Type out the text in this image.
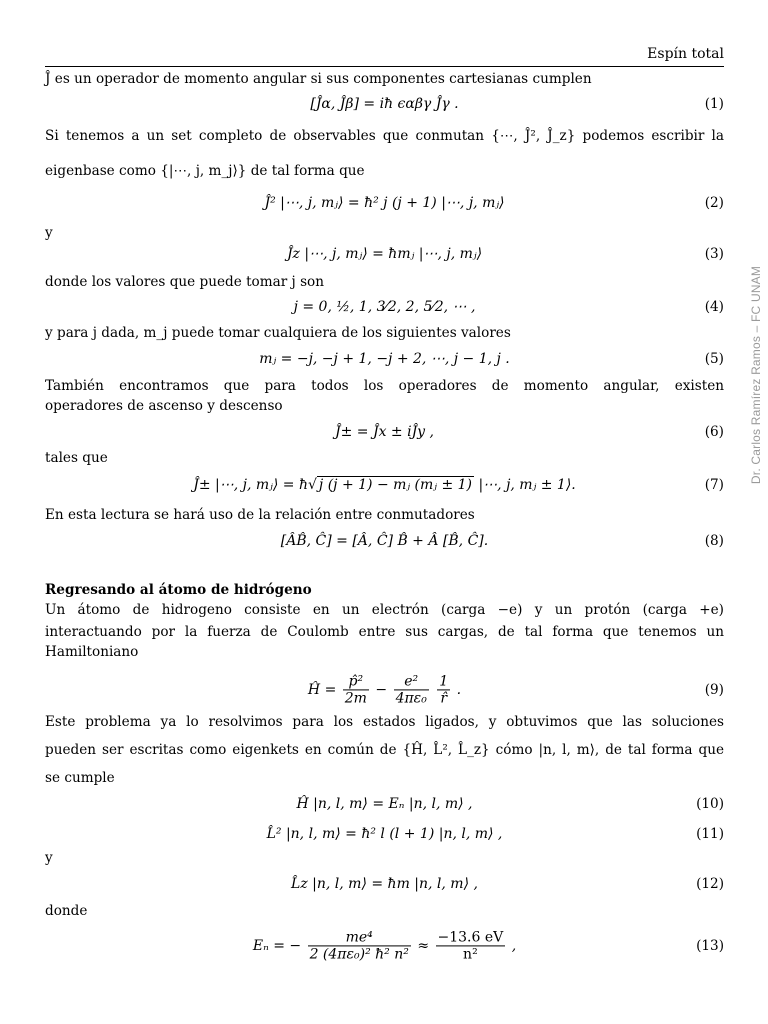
Espín total
Dr. Carlos Ramírez Ramos – FC UNAM

Ĵ es un operador de momento angular si sus componentes cartesianas cumplen

[Ĵα, Ĵβ] = iħ ϵαβγ Ĵγ .	(1)

Si tenemos a un set completo de observables que conmutan {⋯, Ĵ², Ĵ_z} podemos escribir la

eigenbase como {|⋯, j, m_j⟩} de tal forma que

Ĵ² |⋯, j, mⱼ⟩ = ħ² j (j + 1) |⋯, j, mⱼ⟩	(2)

y

Ĵz |⋯, j, mⱼ⟩ = ħmⱼ |⋯, j, mⱼ⟩	(3)

donde los valores que puede tomar j son

j = 0, ½, 1, 3⁄2, 2, 5⁄2, ⋯ ,	(4)

y para j dada, m_j puede tomar cualquiera de los siguientes valores

mⱼ = −j, −j + 1, −j + 2, ⋯, j − 1, j .	(5)

También encontramos que para todos los operadores de momento angular, existen

operadores de ascenso y descenso

Ĵ± = Ĵx ± iĴy ,	(6)

tales que

Ĵ± |⋯, j, mⱼ⟩ = ħ√ j (j + 1) − mⱼ (mⱼ ± 1) |⋯, j, mⱼ ± 1⟩.	(7)

En esta lectura se hará uso de la relación entre conmutadores

[ÂB̂, Ĉ] = [Â, Ĉ] B̂ + Â [B̂, Ĉ].	(8)

Regresando al átomo de hidrógeno

Un átomo de hidrogeno consiste en un electrón (carga −e) y un protón (carga +e)

interactuando por la fuerza de Coulomb entre sus cargas, de tal forma que tenemos un

Hamiltoniano

Ĥ = $\frac{\text{p̂²}}{2m} - \frac{\text{e²}}{\text{4πε₀}}$
$\frac{1}{r̂}$ .	(9)

Este problema ya lo resolvimos para los estados ligados, y obtuvimos que las soluciones

pueden ser escritas como eigenkets en común de {Ĥ, L̂², L̂_z} cómo |n, l, m⟩, de tal forma que

se cumple

Ĥ |n, l, m⟩ = Eₙ |n, l, m⟩ ,	(10)
L̂² |n, l, m⟩ = ħ² l (l + 1) |n, l, m⟩ ,	(11)

y

L̂z |n, l, m⟩ = ħm |n, l, m⟩ ,	(12)

donde

Eₙ = − $\frac{\text{me⁴}}{\text{2 (4πε₀)² ħ² n²}} \approx \frac{-13.6 eV}{\text{n²}}$ ,	(13)
